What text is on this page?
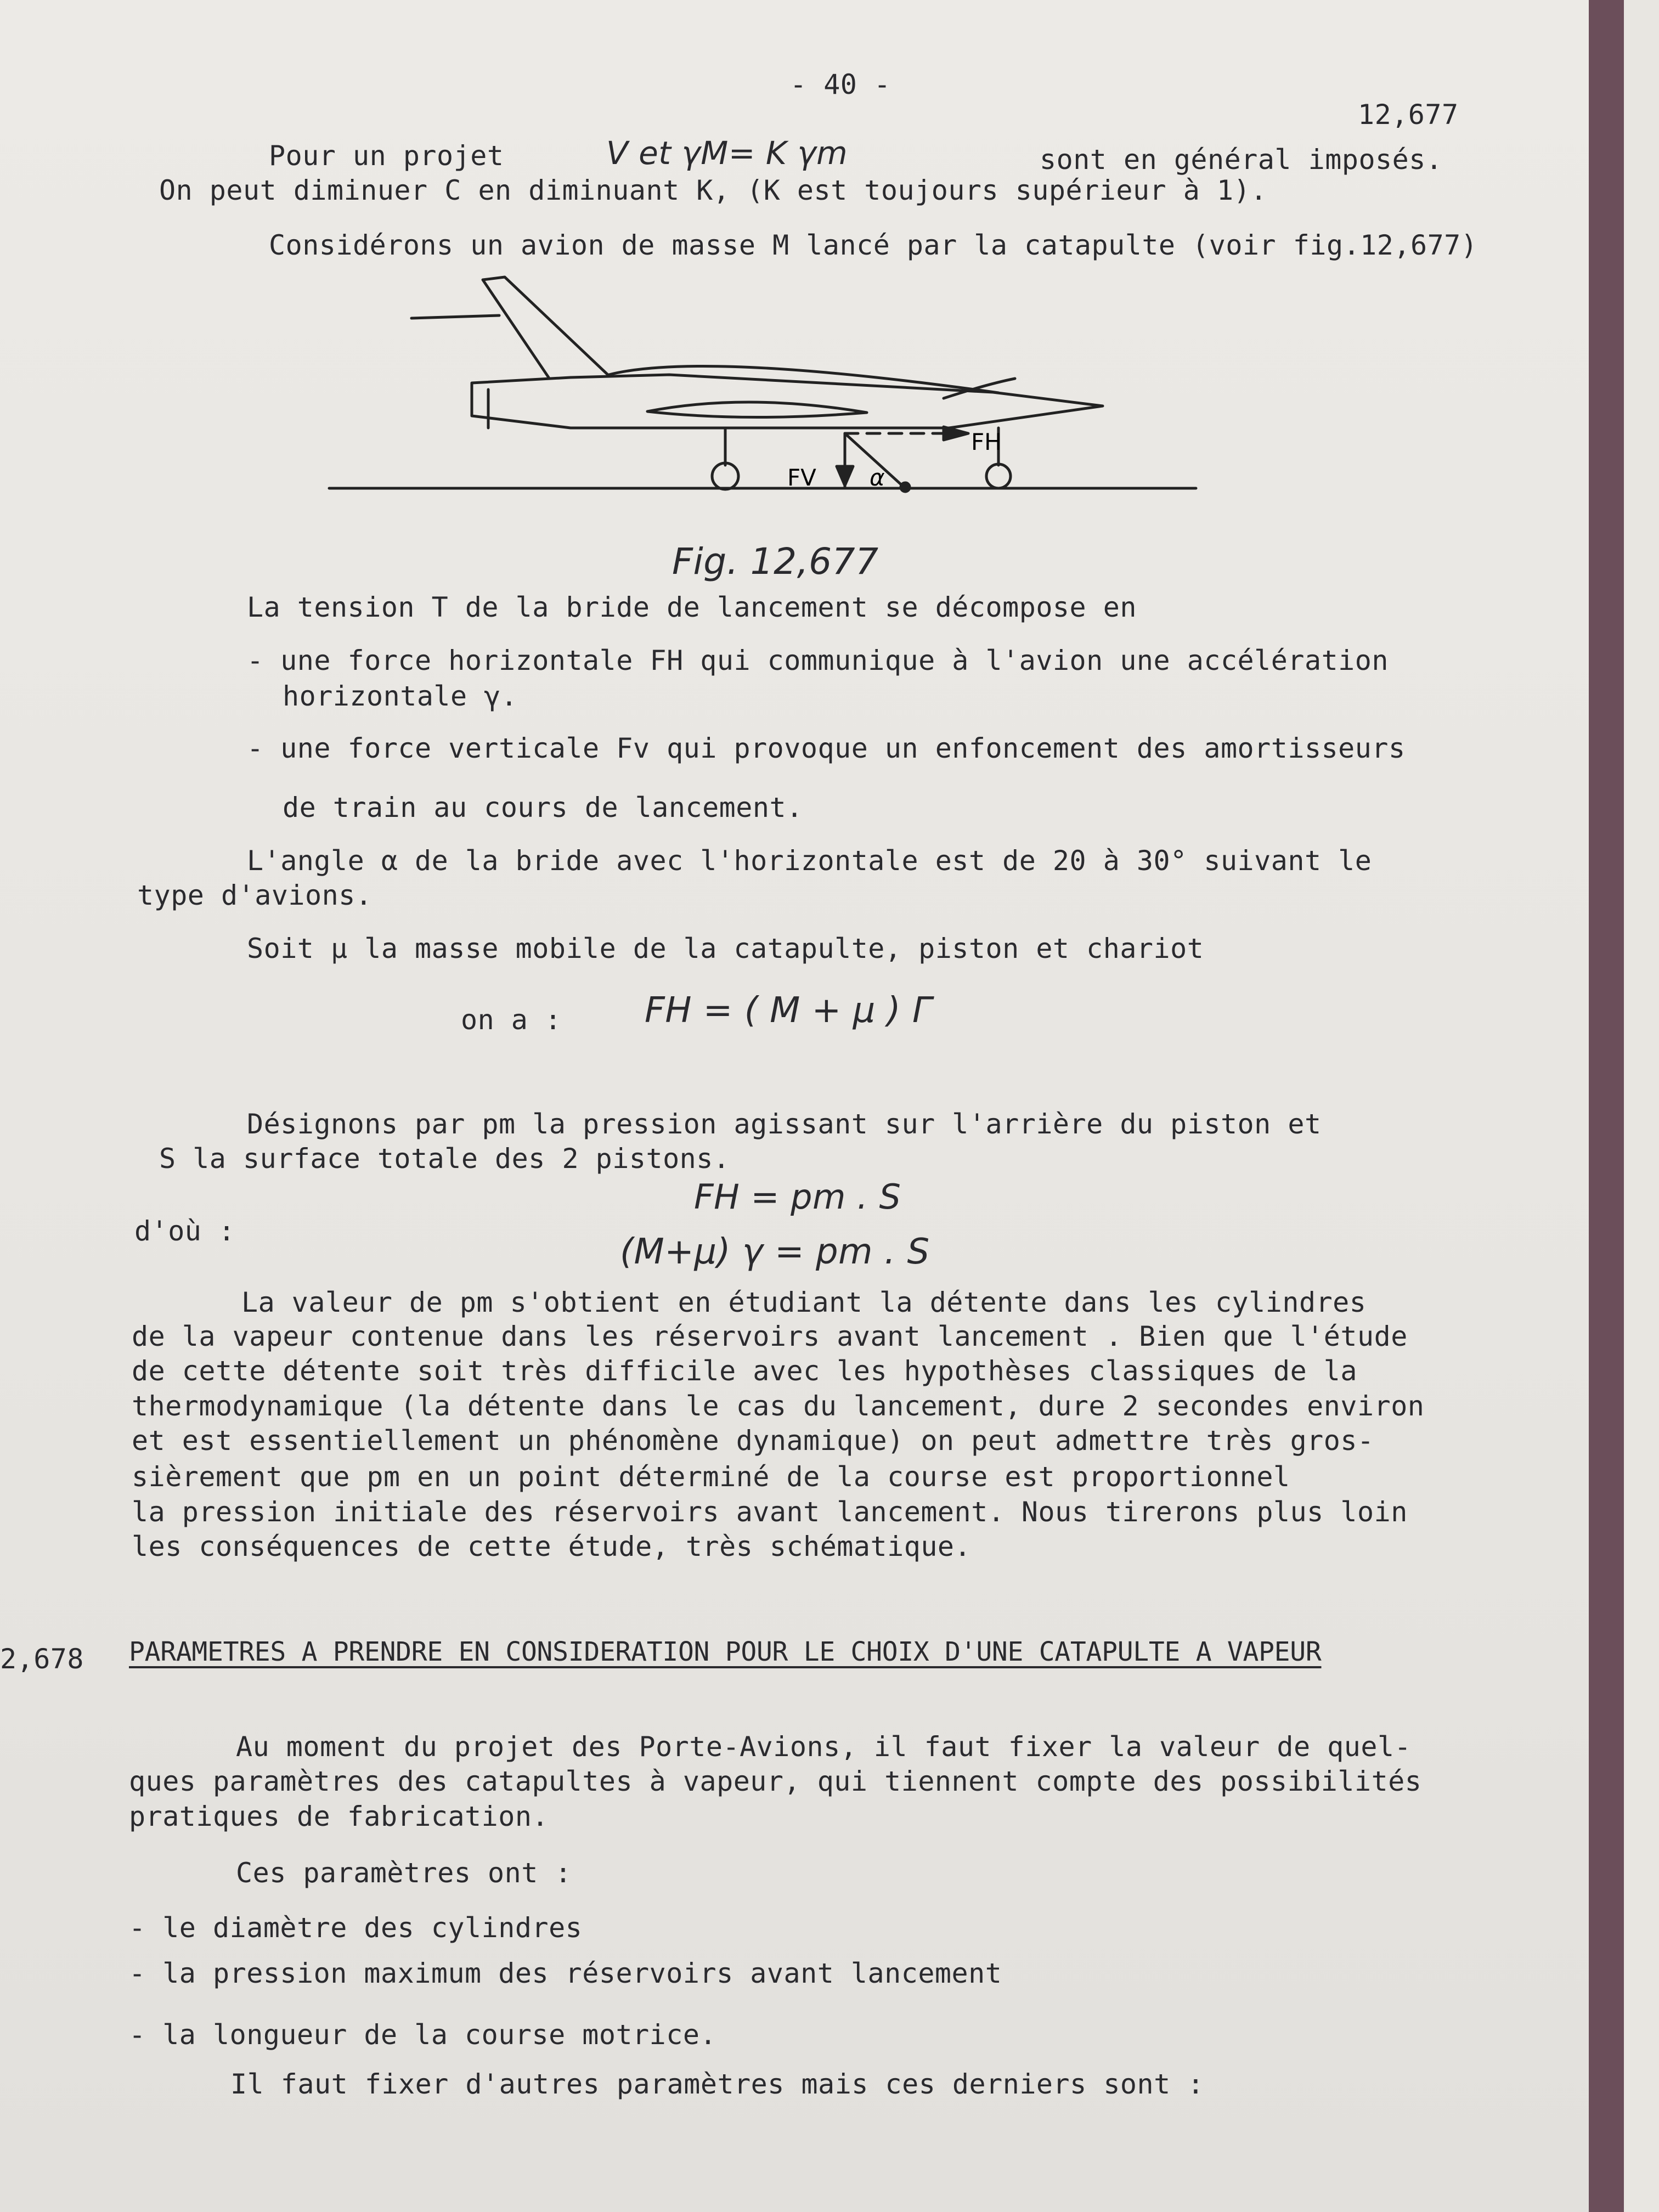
- 40 -
12,677
Pour un projet	V et γM= K γm	sont en général imposés.
On peut diminuer C en diminuant K, (K est toujours supérieur à 1).
Considérons un avion de masse M lancé par la catapulte (voir fig.12,677)
FH
FV α
Fig. 12,677
La tension T de la bride de lancement se décompose en
- une force horizontale FH qui communique à l'avion une accélération
horizontale γ.
- une force verticale Fv qui provoque un enfoncement des amortisseurs
de train au cours de lancement.
L'angle α de la bride avec l'horizontale est de 20 à 30° suivant le
type d'avions.
Soit μ la masse mobile de la catapulte, piston et chariot
on a : FH = ( M + μ ) Γ
Désignons par pm la pression agissant sur l'arrière du piston et
S la surface totale des 2 pistons.
d'où :
FH = pm . S
(M+μ) γ = pm . S
La valeur de pm s'obtient en étudiant la détente dans les cylindres
de la vapeur contenue dans les réservoirs avant lancement . Bien que l'étude
de cette détente soit très difficile avec les hypothèses classiques de la
thermodynamique (la détente dans le cas du lancement, dure 2 secondes environ
et est essentiellement un phénomène dynamique) on peut admettre très gros-
sièrement que pm en un point déterminé de la course est proportionnel
la pression initiale des réservoirs avant lancement. Nous tirerons plus loin
les conséquences de cette étude, très schématique.
2,678 PARAMETRES A PRENDRE EN CONSIDERATION POUR LE CHOIX D'UNE CATAPULTE A VAPEUR
Au moment du projet des Porte-Avions, il faut fixer la valeur de quel-
ques paramètres des catapultes à vapeur, qui tiennent compte des possibilités
pratiques de fabrication.
Ces paramètres ont :
- le diamètre des cylindres
- la pression maximum des réservoirs avant lancement
- la longueur de la course motrice.
Il faut fixer d'autres paramètres mais ces derniers sont :
